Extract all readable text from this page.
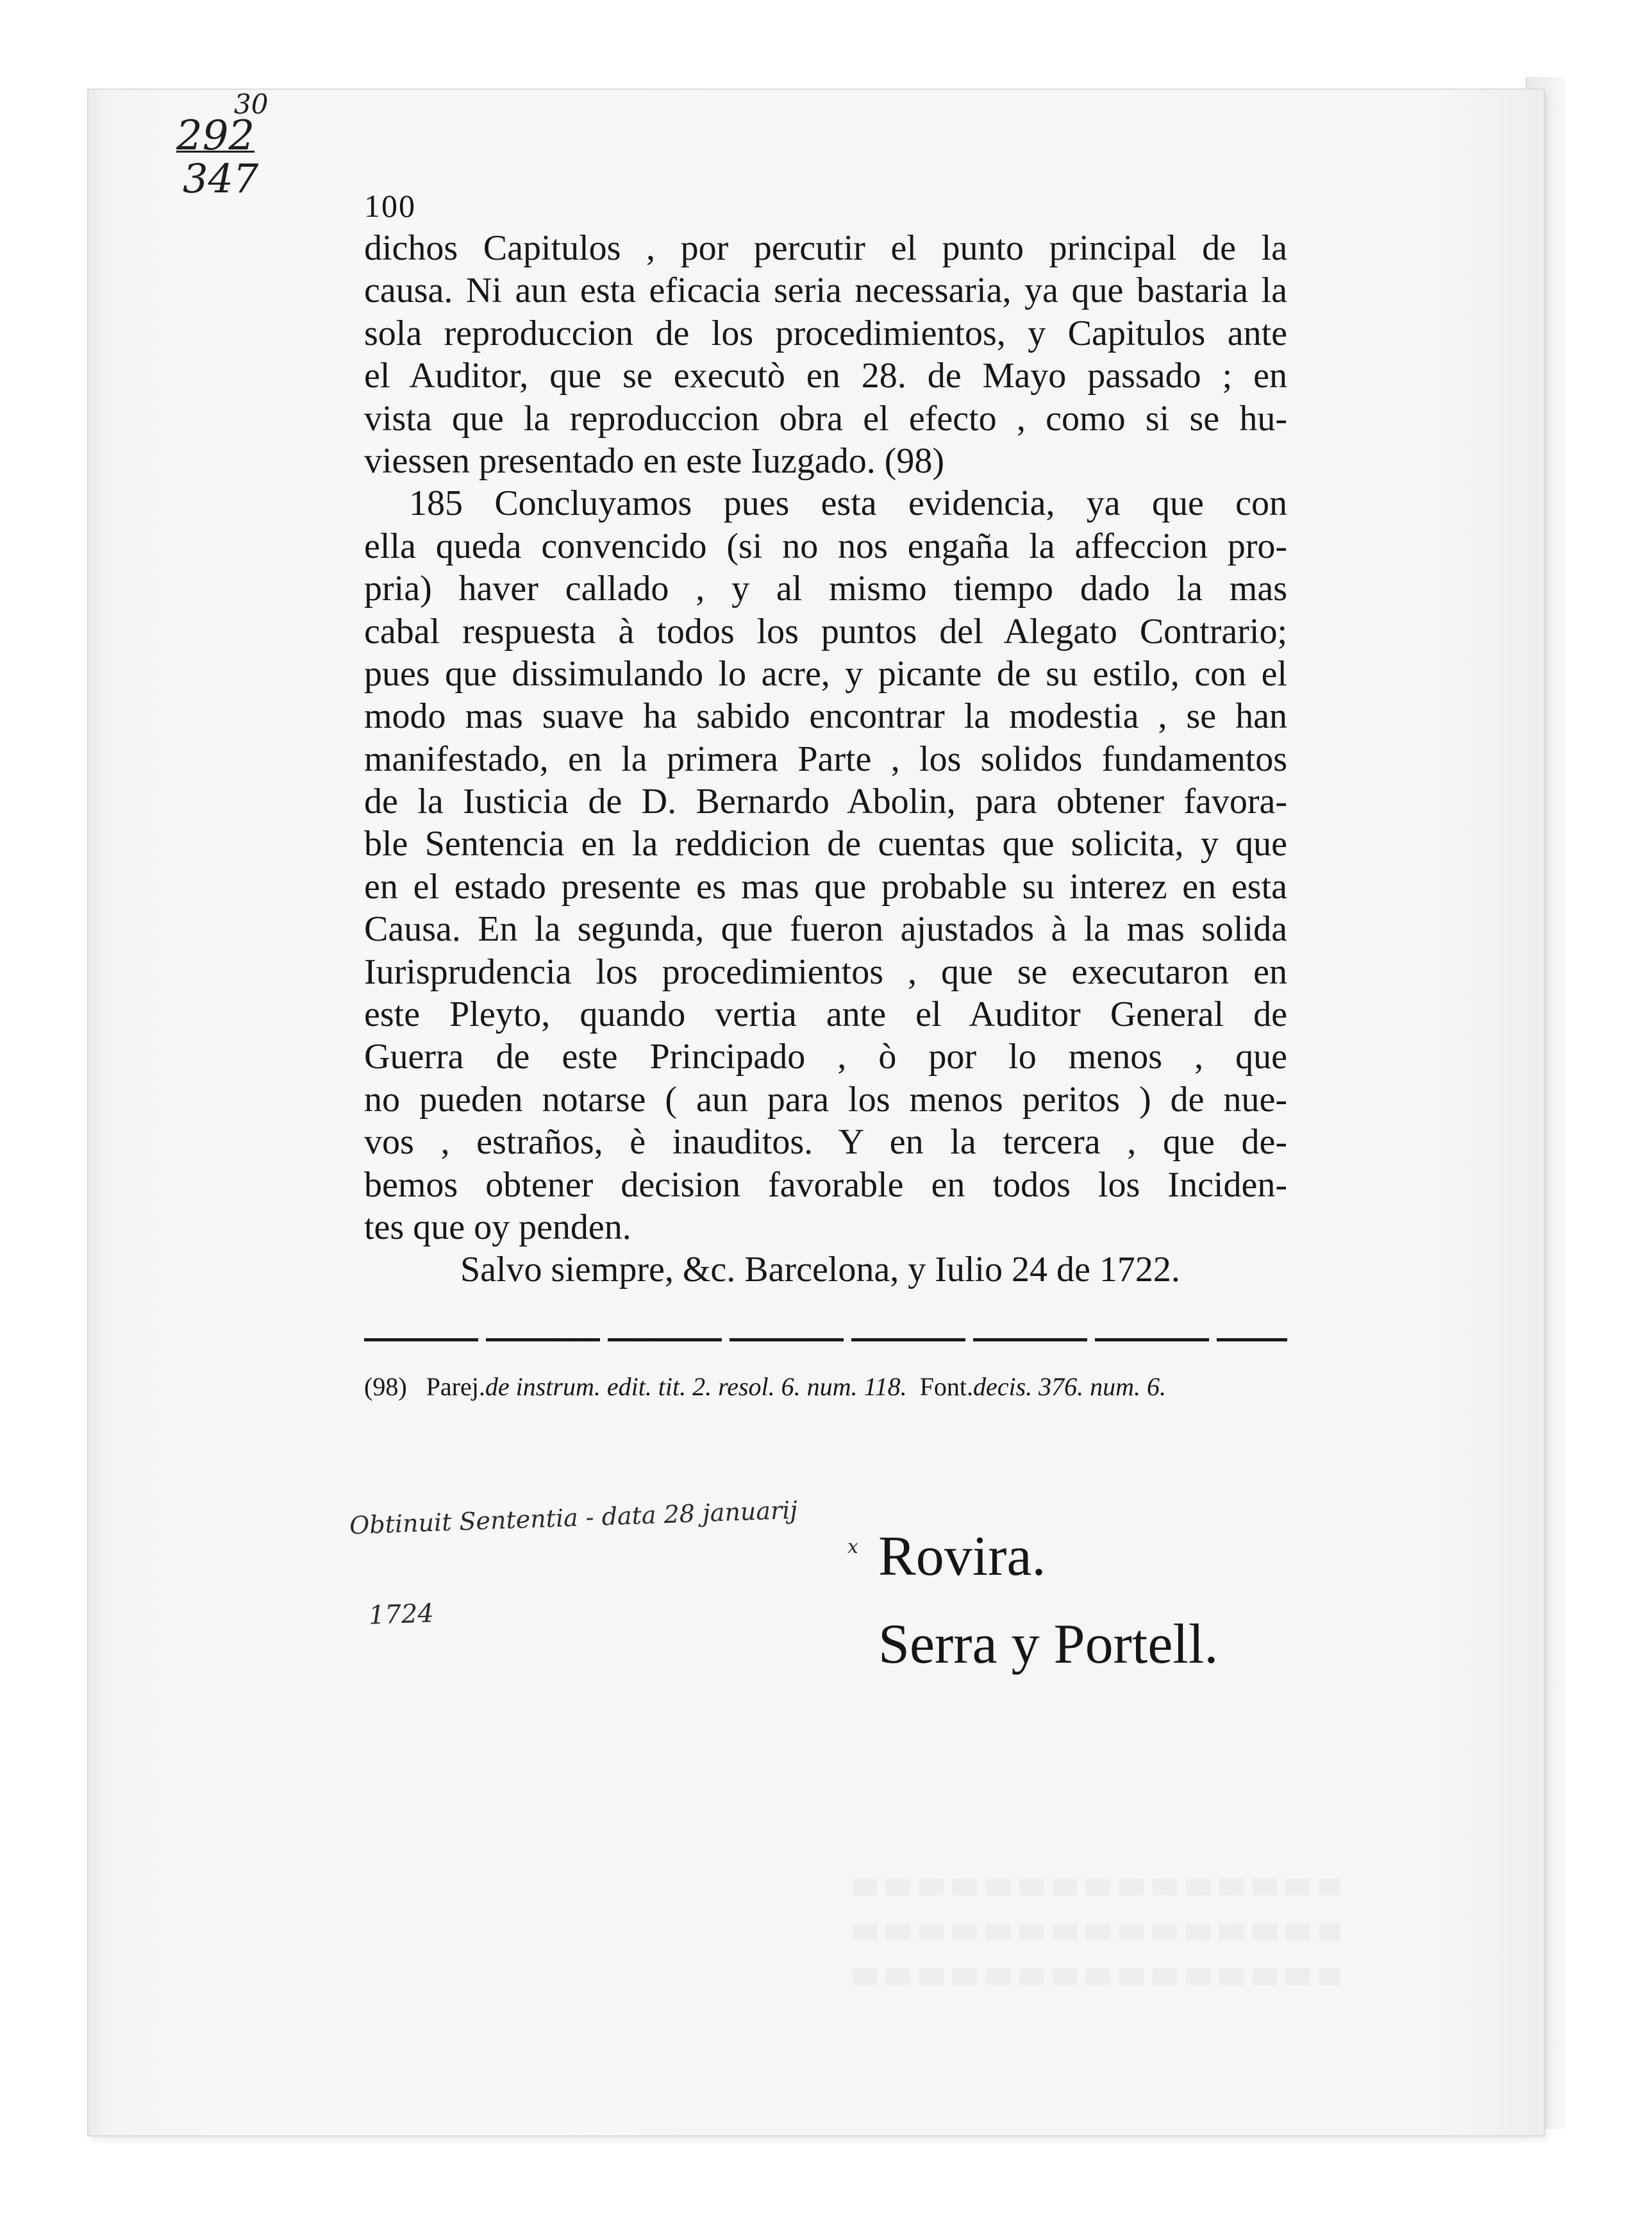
30
292
347
100
dichos Capitulos , por percutir el punto principal de la
causa. Ni aun esta eficacia seria necessaria, ya que bastaria la
sola reproduccion de los procedimientos, y Capitulos ante
el Auditor, que se executò en 28. de Mayo passado ; en
vista que la reproduccion obra el efecto , como si se hu-
viessen presentado en este Iuzgado. (98)
185 Concluyamos pues esta evidencia, ya que con
ella queda convencido (si no nos engaña la affeccion pro-
pria) haver callado , y al mismo tiempo dado la mas
cabal respuesta à todos los puntos del Alegato Contrario;
pues que dissimulando lo acre, y picante de su estilo, con el
modo mas suave ha sabido encontrar la modestia , se han
manifestado, en la primera Parte , los solidos fundamentos
de la Iusticia de D. Bernardo Abolin, para obtener favora-
ble Sentencia en la reddicion de cuentas que solicita, y que
en el estado presente es mas que probable su interez en esta
Causa. En la segunda, que fueron ajustados à la mas solida
Iurisprudencia los procedimientos , que se executaron en
este Pleyto, quando vertia ante el Auditor General de
Guerra de este Principado , ò por lo menos , que
no pueden notarse ( aun para los menos peritos ) de nue-
vos , estraños, è inauditos. Y en la tercera , que de-
bemos obtener decision favorable en todos los Inciden-
tes que oy penden.
Salvo siempre, &c. Barcelona, y Iulio 24 de 1722.
(98) Parej.de instrum. edit. tit. 2. resol. 6. num. 118. Font.decis. 376. num. 6.
Obtinuit Sententia - data 28 januarij
1724
x Rovira.
Serra y Portell.
